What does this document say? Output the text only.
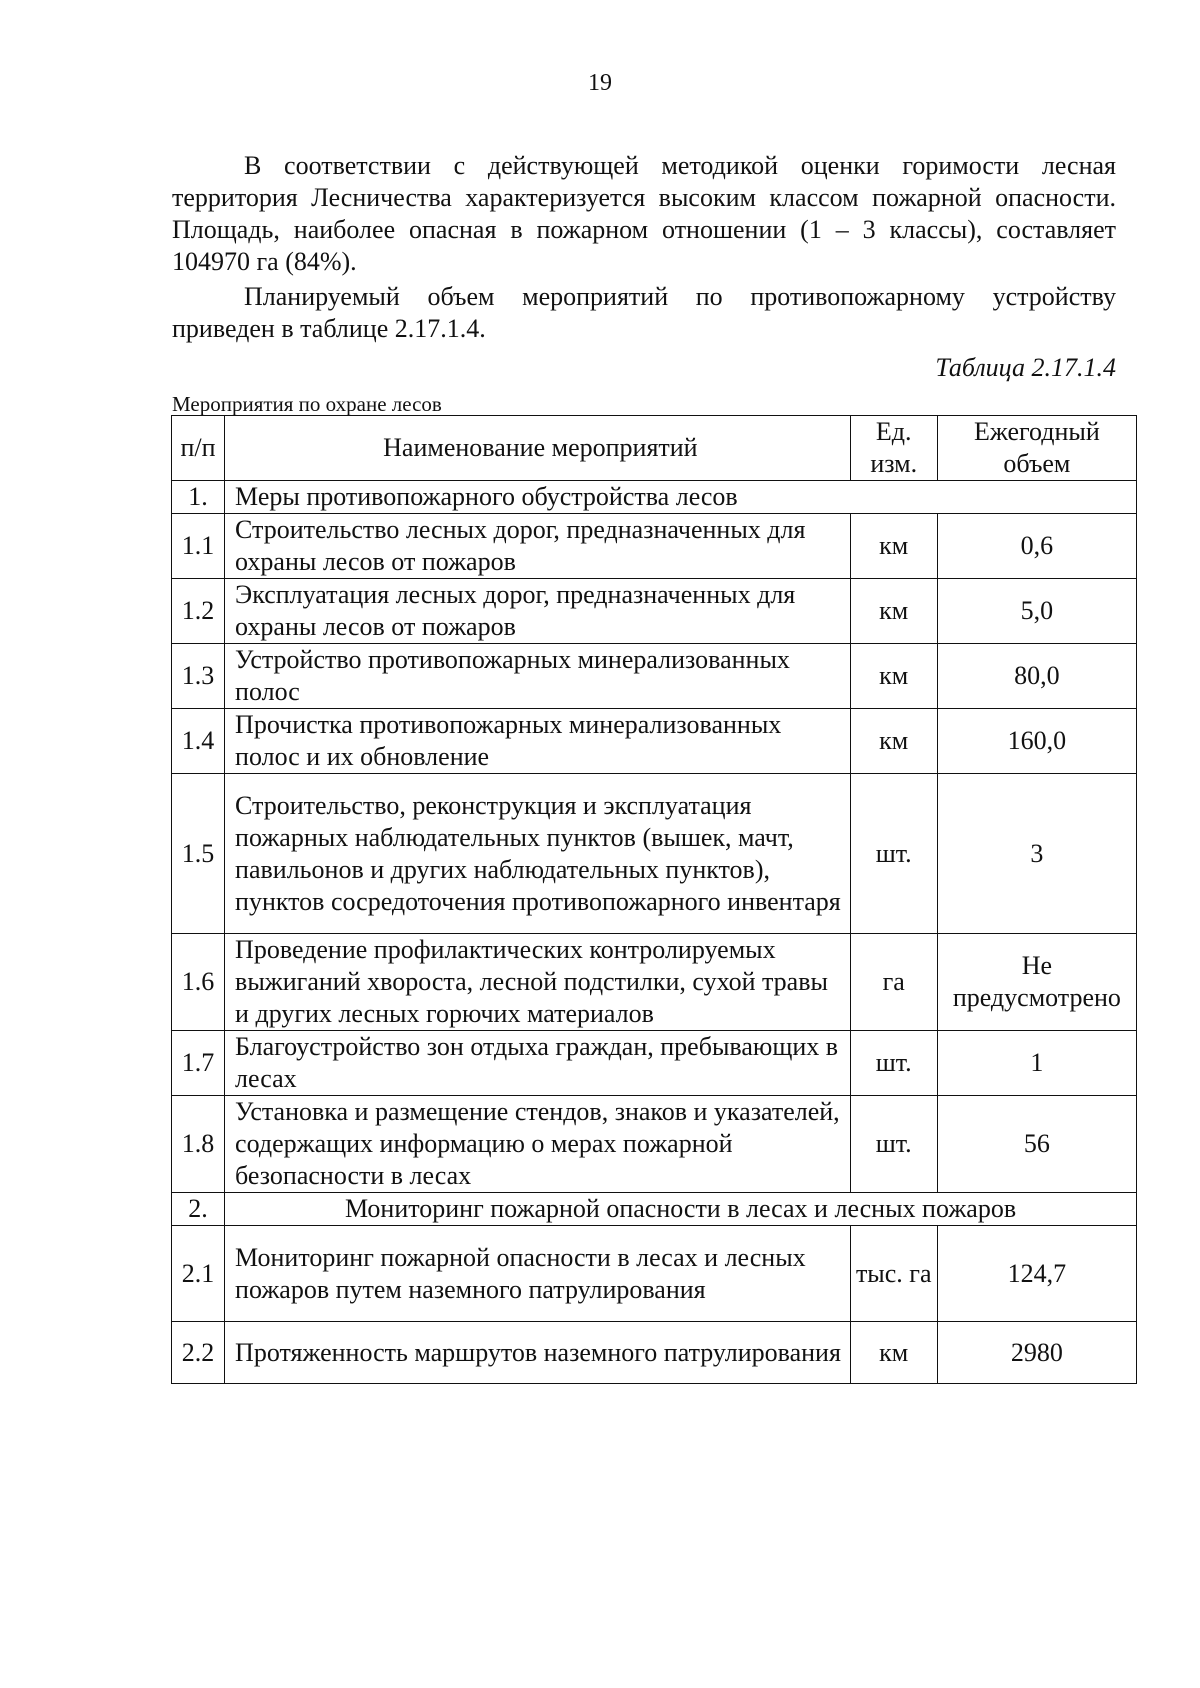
19

В соответствии с действующей методикой оценки горимости лесная территория Лесничества характеризуется высоким классом пожарной опасности. Площадь, наиболее опасная в пожарном отношении (1 – 3 классы), составляет 104970 га (84%).

Планируемый объем мероприятий по противопожарному устройству приведен в таблице 2.17.1.4.

Таблица 2.17.1.4
Мероприятия по охране лесов
п/п	Наименование мероприятий	Ед. изм.	Ежегодный объем
1.	Меры противопожарного обустройства лесов		
1.1	Строительство лесных дорог, предназначенных для охраны лесов от пожаров	км	0,6
1.2	Эксплуатация лесных дорог, предназначенных для охраны лесов от пожаров	км	5,0
1.3	Устройство противопожарных минерализованных полос	км	80,0
1.4	Прочистка противопожарных минерализованных полос и их обновление	км	160,0
1.5	Строительство, реконструкция и эксплуатация пожарных наблюдательных пунктов (вышек, мачт, павильонов и других наблюдательных пунктов), пунктов сосредоточения противопожарного инвентаря	шт.	3
1.6	Проведение профилактических контролируемых выжиганий хвороста, лесной подстилки, сухой травы и других лесных горючих материалов	га	Не предусмотрено
1.7	Благоустройство зон отдыха граждан, пребывающих в лесах	шт.	1
1.8	Установка и размещение стендов, знаков и указателей, содержащих информацию о мерах пожарной безопасности в лесах	шт.	56
2.	Мониторинг пожарной опасности в лесах и лесных пожаров		
2.1	Мониторинг пожарной опасности в лесах и лесных пожаров путем наземного патрулирования	тыс. га	124,7
2.2	Протяженность маршрутов наземного патрулирования	км	2980
